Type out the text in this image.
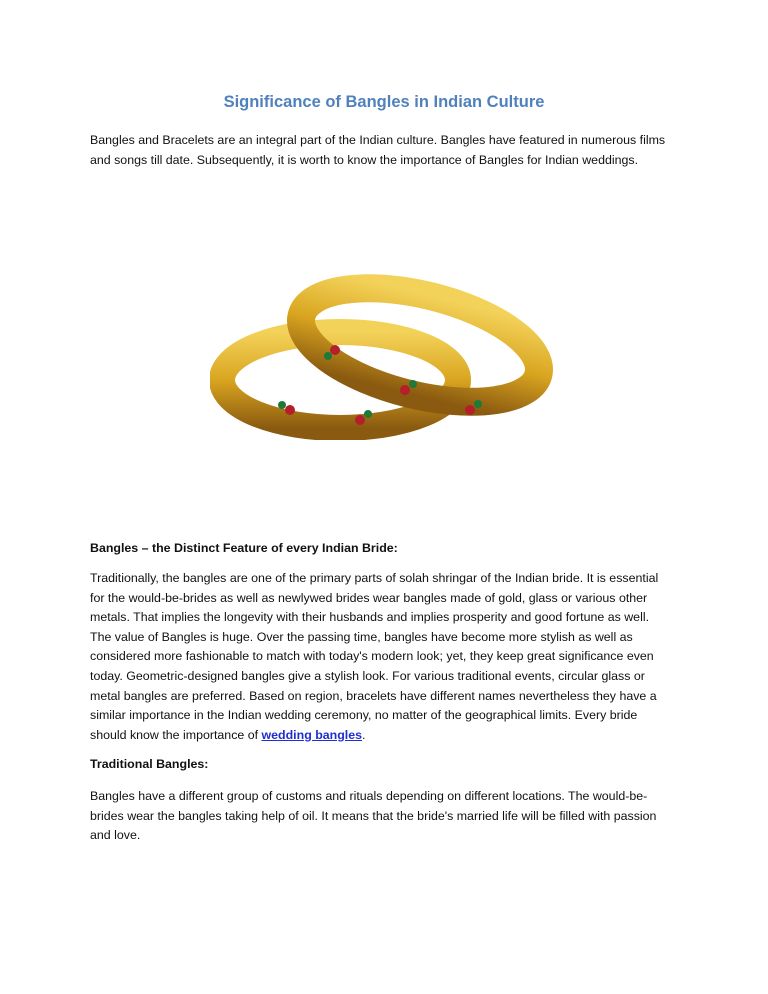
Significance of Bangles in Indian Culture
Bangles and Bracelets are an integral part of the Indian culture. Bangles have featured in numerous films
and songs till date. Subsequently, it is worth to know the importance of Bangles for Indian weddings.
Bangles – the Distinct Feature of every Indian Bride:
Traditionally, the bangles are one of the primary parts of solah shringar of the Indian bride. It is essential
for the would-be-brides as well as newlywed brides wear bangles made of gold, glass or various other
metals. That implies the longevity with their husbands and implies prosperity and good fortune as well.
The value of Bangles is huge. Over the passing time, bangles have become more stylish as well as
considered more fashionable to match with today's modern look; yet, they keep great significance even
today. Geometric-designed bangles give a stylish look. For various traditional events, circular glass or
metal bangles are preferred. Based on region, bracelets have different names nevertheless they have a
similar importance in the Indian wedding ceremony, no matter of the geographical limits. Every bride
should know the importance of wedding bangles.
Traditional Bangles:
Bangles have a different group of customs and rituals depending on different locations. The would-be-
brides wear the bangles taking help of oil. It means that the bride's married life will be filled with passion
and love.
